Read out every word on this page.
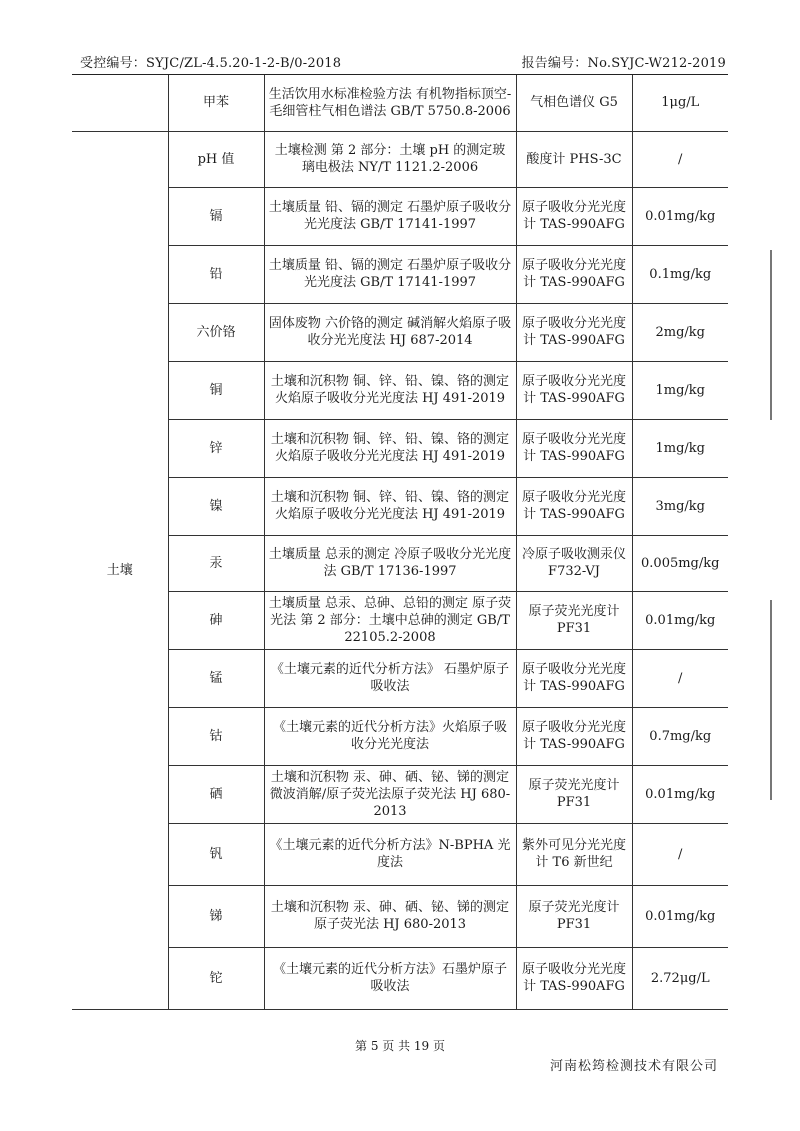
受控编号：SYJC/ZL-4.5.20-1-2-B/0-2018	报告编号：No.SYJC-W212-2019
	甲苯	生活饮用水标准检验方法 有机物指标顶空-毛细管柱气相色谱法 GB/T 5750.8-2006	气相色谱仪 G5	1μg/L
土壤	pH 值	土壤检测 第 2 部分：土壤 pH 的测定玻璃电极法 NY/T 1121.2-2006	酸度计 PHS-3C	/
	镉	土壤质量 铅、镉的测定 石墨炉原子吸收分光光度法 GB/T 17141-1997	原子吸收分光光度计 TAS-990AFG	0.01mg/kg
	铅	土壤质量 铅、镉的测定 石墨炉原子吸收分光光度法 GB/T 17141-1997	原子吸收分光光度计 TAS-990AFG	0.1mg/kg
	六价铬	固体废物 六价铬的测定 碱消解火焰原子吸收分光光度法 HJ 687-2014	原子吸收分光光度计 TAS-990AFG	2mg/kg
	铜	土壤和沉积物 铜、锌、铅、镍、铬的测定 火焰原子吸收分光光度法 HJ 491-2019	原子吸收分光光度计 TAS-990AFG	1mg/kg
	锌	土壤和沉积物 铜、锌、铅、镍、铬的测定 火焰原子吸收分光光度法 HJ 491-2019	原子吸收分光光度计 TAS-990AFG	1mg/kg
	镍	土壤和沉积物 铜、锌、铅、镍、铬的测定 火焰原子吸收分光光度法 HJ 491-2019	原子吸收分光光度计 TAS-990AFG	3mg/kg
	汞	土壤质量 总汞的测定 冷原子吸收分光光度法 GB/T 17136-1997	冷原子吸收测汞仪 F732-VJ	0.005mg/kg
	砷	土壤质量 总汞、总砷、总铅的测定 原子荧光法 第 2 部分：土壤中总砷的测定 GB/T 22105.2-2008	原子荧光光度计 PF31	0.01mg/kg
	锰	《土壤元素的近代分析方法》 石墨炉原子吸收法	原子吸收分光光度计 TAS-990AFG	/
	钴	《土壤元素的近代分析方法》火焰原子吸收分光光度法	原子吸收分光光度计 TAS-990AFG	0.7mg/kg
	硒	土壤和沉积物 汞、砷、硒、铋、锑的测定 微波消解/原子荧光法原子荧光法 HJ 680-2013	原子荧光光度计 PF31	0.01mg/kg
	钒	《土壤元素的近代分析方法》N-BPHA 光度法	紫外可见分光光度计 T6 新世纪	/
	锑	土壤和沉积物 汞、砷、硒、铋、锑的测定 原子荧光法 HJ 680-2013	原子荧光光度计 PF31	0.01mg/kg
	铊	《土壤元素的近代分析方法》石墨炉原子吸收法	原子吸收分光光度计 TAS-990AFG	2.72μg/L
第 5 页 共 19 页
河南松筠检测技术有限公司
